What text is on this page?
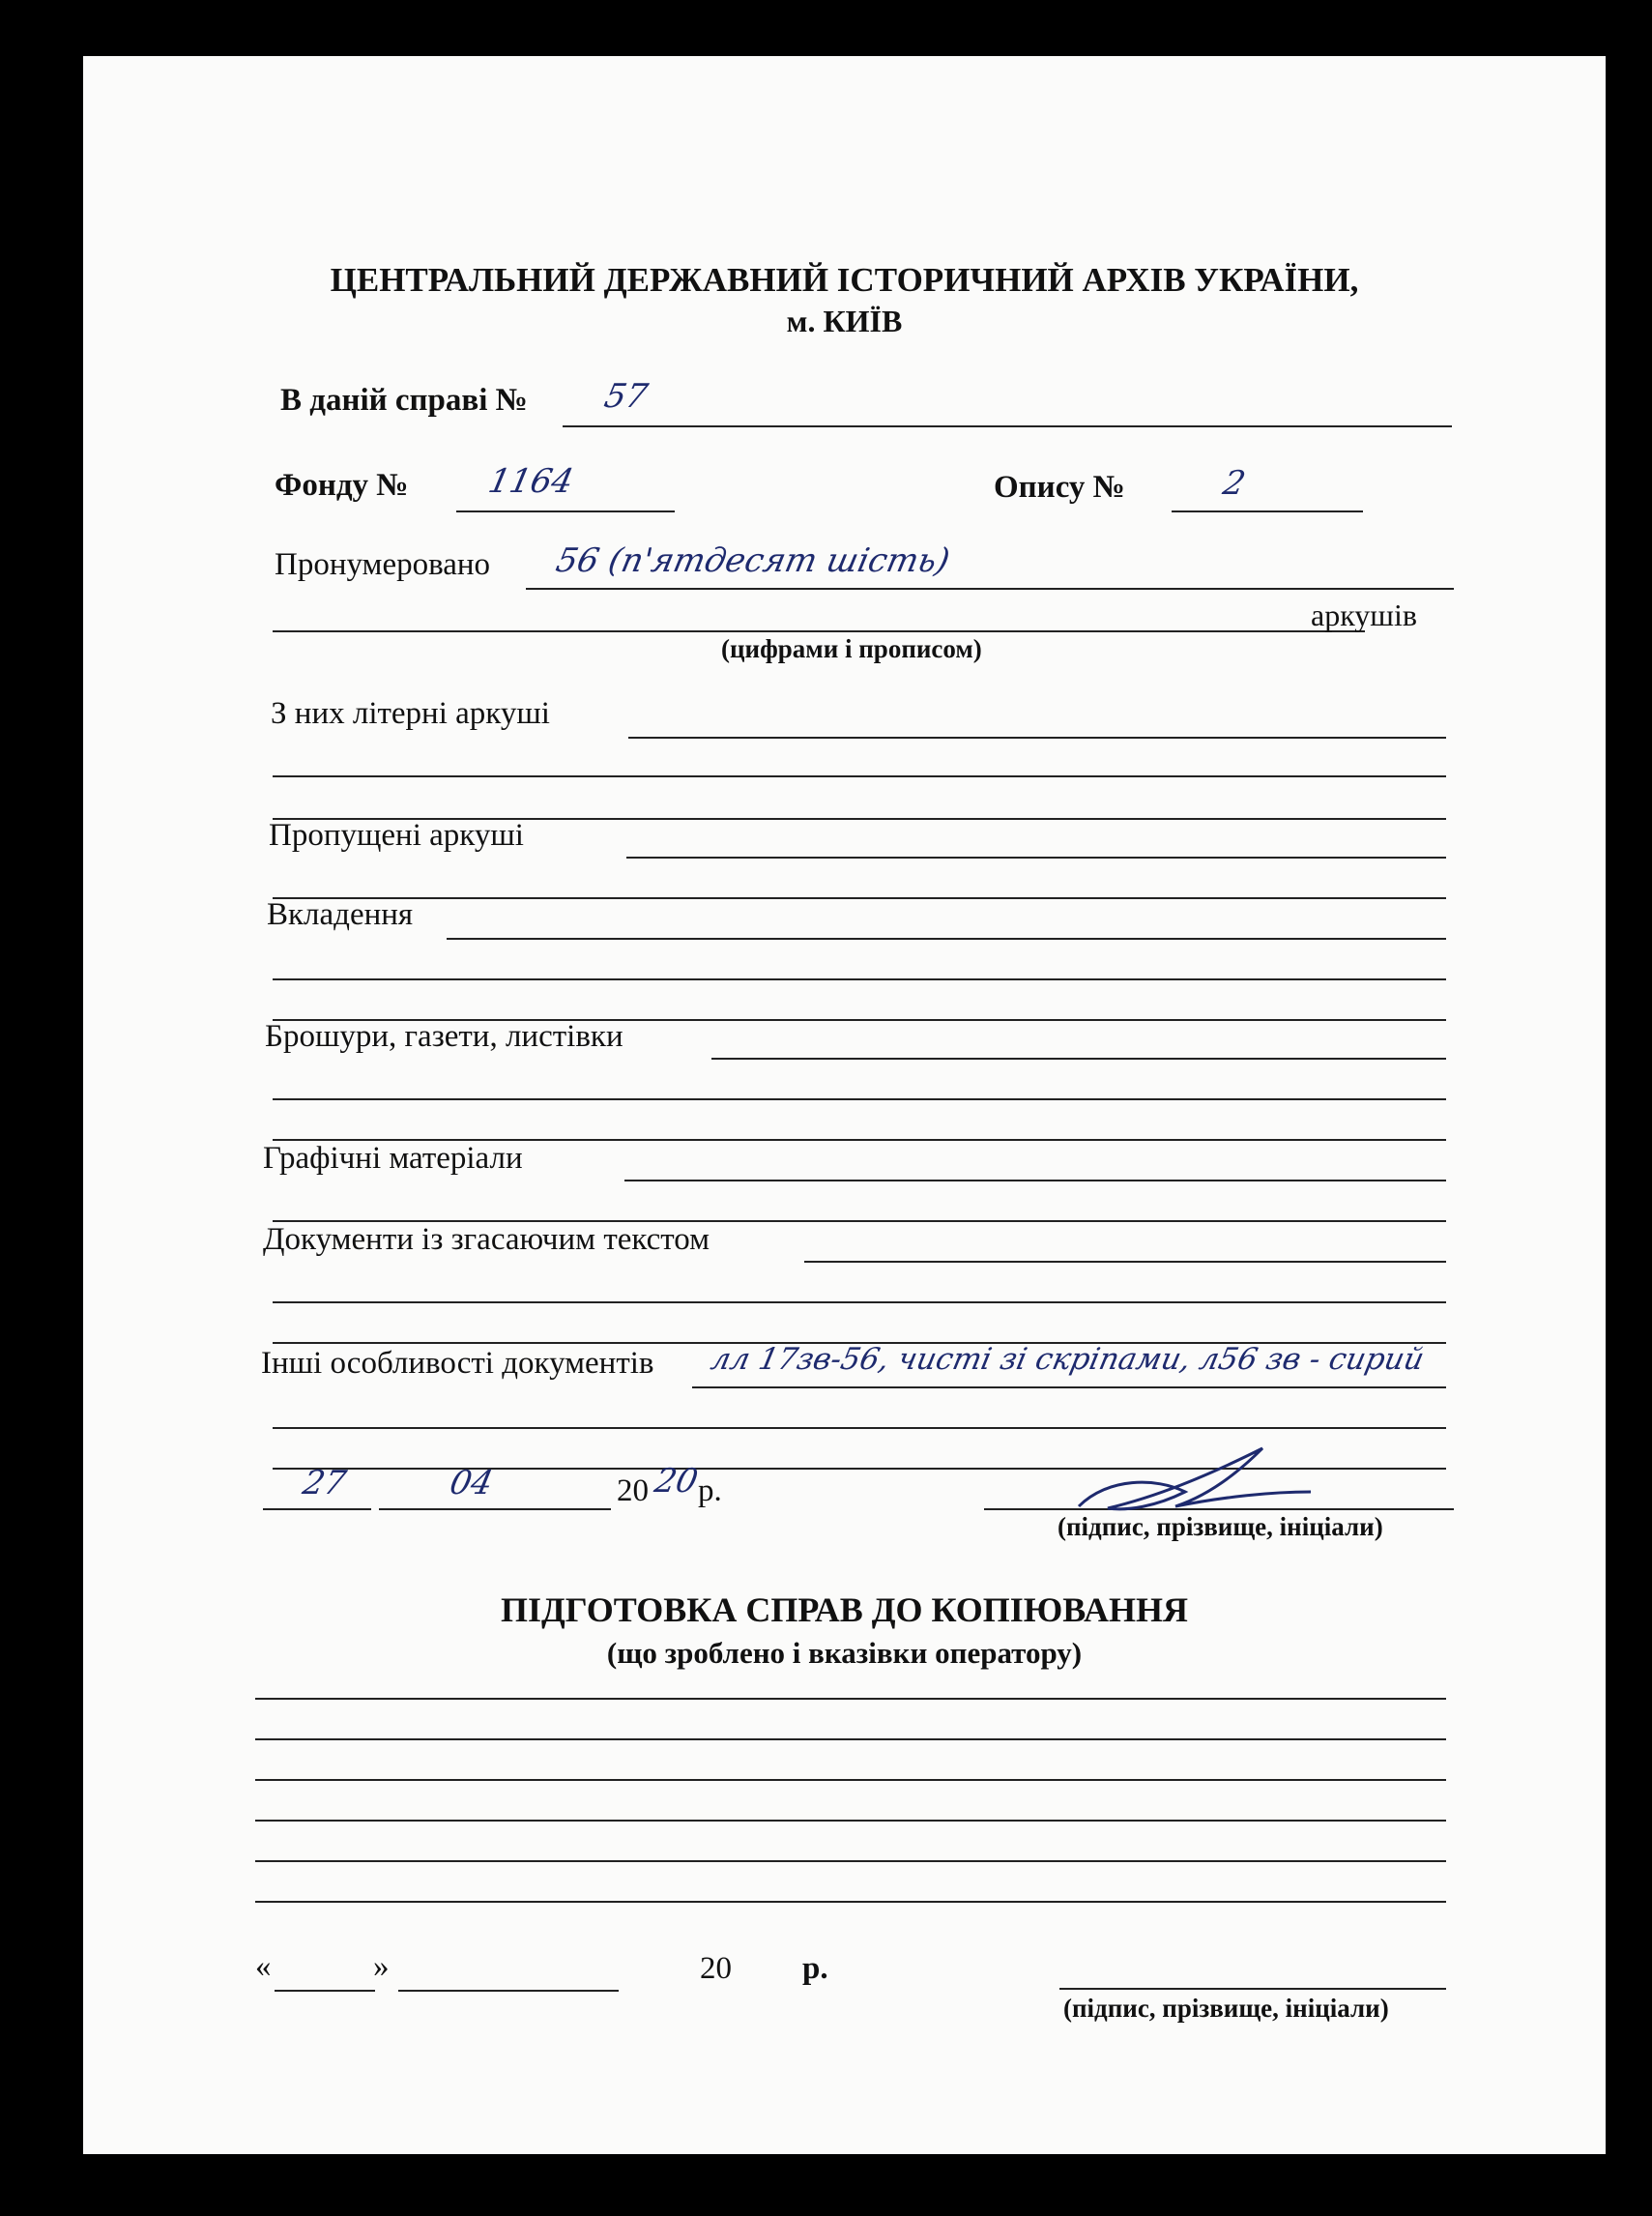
ЦЕНТРАЛЬНИЙ ДЕРЖАВНИЙ ІСТОРИЧНИЙ АРХІВ УКРАЇНИ,
м. КИЇВ
В даній справі № 57
Фонду № 1164	Опису №	2
Пронумеровано 56 (п'ятдесят шість)
аркушів
(цифрами і прописом)
З них літерні аркуші
Пропущені аркуші
Вкладення
Брошури, газети, листівки
Графічні матеріали
Документи із згасаючим текстом
Інші особливості документів лл 17зв-56, чисті зі скріпами, л56 зв - сирий
27	04	20 20
р.
(підпис, прізвище, ініціали)
ПІДГОТОВКА СПРАВ ДО КОПІЮВАННЯ
(що зроблено і вказівки оператору)
«	»	20 р.
(підпис, прізвище, ініціали)
